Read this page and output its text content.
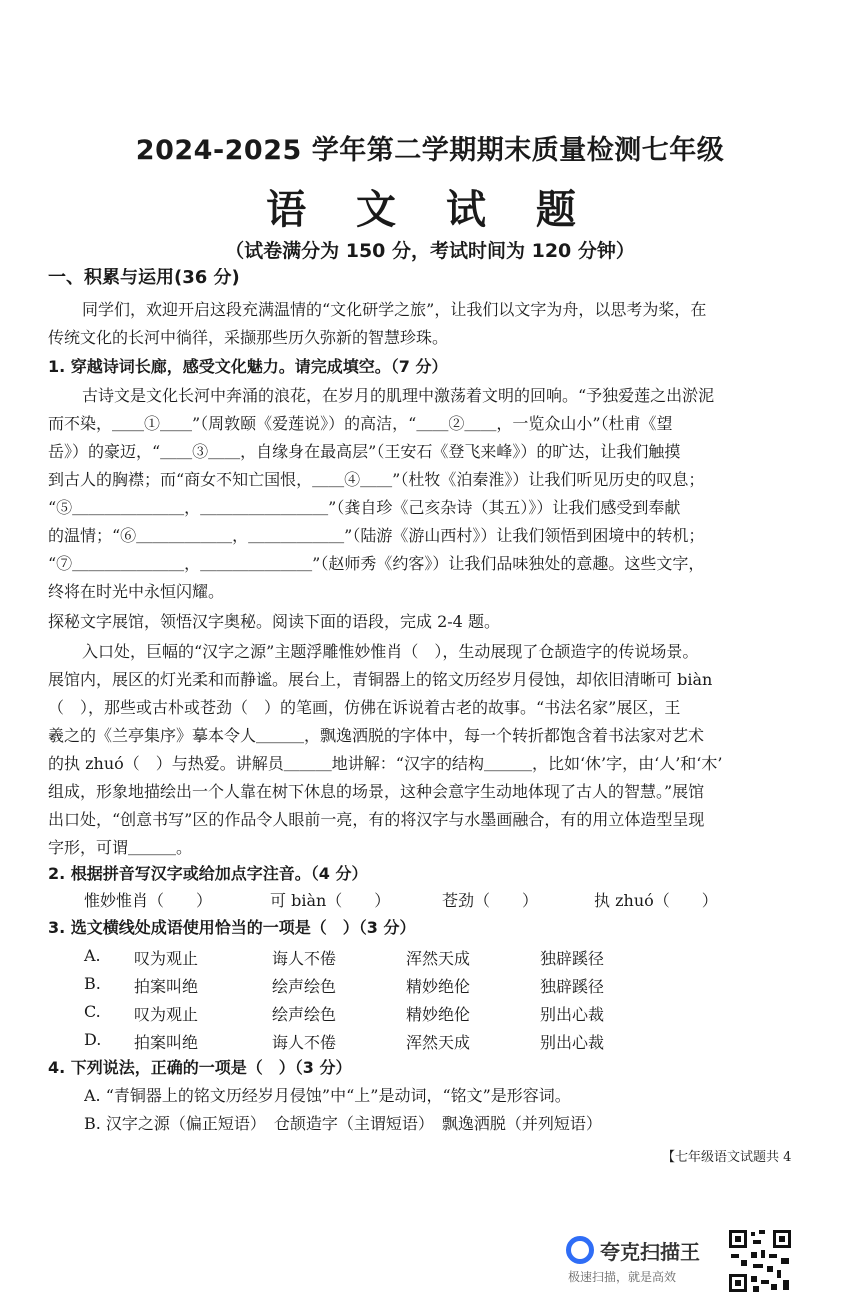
2024-2025 学年第二学期期末质量检测七年级
语 文 试 题
（试卷满分为 150 分，考试时间为 120 分钟）
一、积累与运用(36 分)
同学们，欢迎开启这段充满温情的“文化研学之旅”，让我们以文字为舟，以思考为桨，在
传统文化的长河中徜徉，采撷那些历久弥新的智慧珍珠。
1. 穿越诗词长廊，感受文化魅力。请完成填空。（7 分）
古诗文是文化长河中奔涌的浪花，在岁月的肌理中激荡着文明的回响。“予独爱莲之出淤泥
而不染，＿＿①＿＿”（周敦颐《爱莲说》）的高洁，“＿＿②＿＿，一览众山小”（杜甫《望
岳》）的豪迈，“＿＿③＿＿，自缘身在最高层”（王安石《登飞来峰》）的旷达，让我们触摸
到古人的胸襟；而“商女不知亡国恨，＿＿④＿＿”（杜牧《泊秦淮》）让我们听见历史的叹息；
“⑤＿＿＿＿＿＿＿，＿＿＿＿＿＿＿＿”（龚自珍《己亥杂诗（其五）》）让我们感受到奉献
的温情；“⑥＿＿＿＿＿＿，＿＿＿＿＿＿”（陆游《游山西村》）让我们领悟到困境中的转机；
“⑦＿＿＿＿＿＿＿，＿＿＿＿＿＿＿”（赵师秀《约客》）让我们品味独处的意趣。这些文字，
终将在时光中永恒闪耀。
探秘文字展馆，领悟汉字奥秘。阅读下面的语段，完成 2-4 题。
入口处，巨幅的“汉字之源”主题浮雕惟妙惟肖（　），生动展现了仓颉造字的传说场景。
展馆内，展区的灯光柔和而静谧。展台上，青铜器上的铭文历经岁月侵蚀，却依旧清晰可 biàn
（　），那些或古朴或苍劲（　）的笔画，仿佛在诉说着古老的故事。“书法名家”展区，王
羲之的《兰亭集序》摹本令人＿＿＿，飘逸洒脱的字体中，每一个转折都饱含着书法家对艺术
的执 zhuó（　）与热爱。讲解员＿＿＿地讲解：“汉字的结构＿＿＿，比如‘休’字，由‘人’和‘木’
组成，形象地描绘出一个人靠在树下休息的场景，这种会意字生动地体现了古人的智慧。”展馆
出口处，“创意书写”区的作品令人眼前一亮，有的将汉字与水墨画融合，有的用立体造型呈现
字形，可谓＿＿＿。
2. 根据拼音写汉字或给加点字注音。（4 分）
惟妙惟肖（　　）	可 biàn（　　）	苍劲（　　）	执 zhuó（　　）
3. 选文横线处成语使用恰当的一项是（　）（3 分）
A.	叹为观止	诲人不倦	浑然天成	独辟蹊径
B.	拍案叫绝	绘声绘色	精妙绝伦	独辟蹊径
C.	叹为观止	绘声绘色	精妙绝伦	别出心裁
D.	拍案叫绝	诲人不倦	浑然天成	别出心裁
4. 下列说法，正确的一项是（　）（3 分）
A. “青铜器上的铭文历经岁月侵蚀”中“上”是动词，“铭文”是形容词。
B. 汉字之源（偏正短语）　仓颉造字（主谓短语）　飘逸洒脱（并列短语）
【七年级语文试题共 4
夸克扫描王
极速扫描，就是高效
